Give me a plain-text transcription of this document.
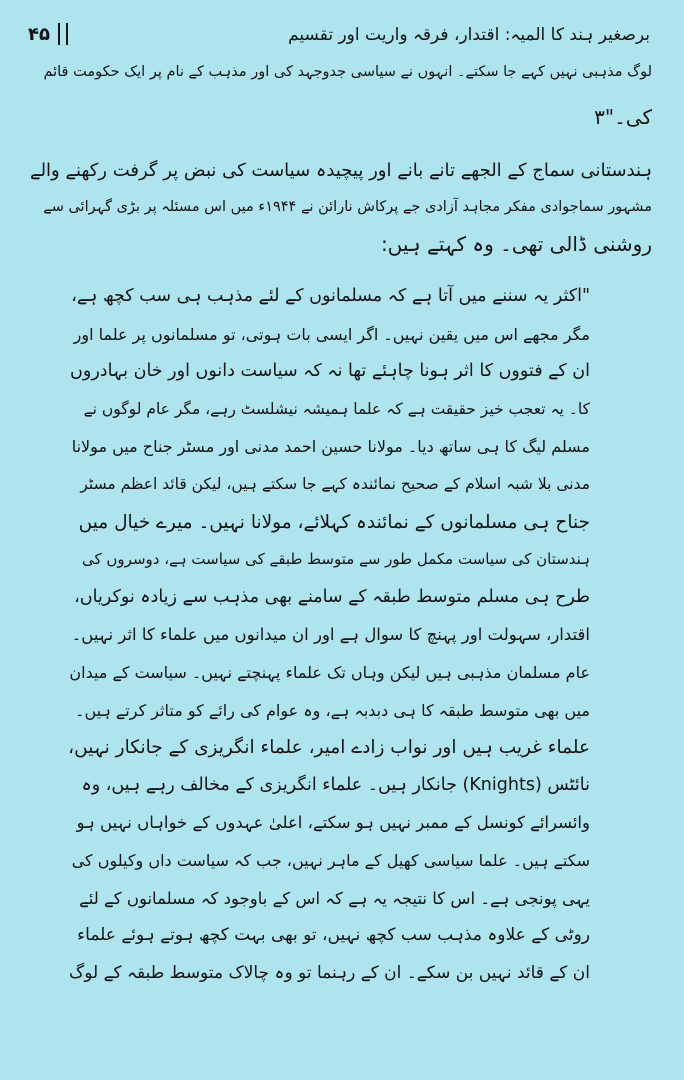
برصغیر ہند کا المیہ: اقتدار، فرقہ واریت اور تقسیم
۴۵
لوگ مذہبی نہیں کہے جا سکتے۔ انہوں نے سیاسی جدوجہد کی اور مذہب کے نام پر ایک حکومت قائم
کی۔"۳
ہندستانی سماج کے الجھے تانے بانے اور پیچیدہ سیاست کی نبض پر گرفت رکھنے والے
مشہور سماجوادی مفکر مجاہد آزادی جے پرکاش نارائن نے ۱۹۴۴ء میں اس مسئلہ پر بڑی گہرائی سے
روشنی ڈالی تھی۔ وہ کہتے ہیں:
"اکثر یہ سننے میں آتا ہے کہ مسلمانوں کے لئے مذہب ہی سب کچھ ہے،
مگر مجھے اس میں یقین نہیں۔ اگر ایسی بات ہوتی، تو مسلمانوں پر علما اور
ان کے فتووں کا اثر ہونا چاہئے تھا نہ کہ سیاست دانوں اور خان بہادروں
کا۔ یہ تعجب خیز حقیقت ہے کہ علما ہمیشہ نیشلسٹ رہے، مگر عام لوگوں نے
مسلم لیگ کا ہی ساتھ دیا۔ مولانا حسین احمد مدنی اور مسٹر جناح میں مولانا
مدنی بلا شبہ اسلام کے صحیح نمائندہ کہے جا سکتے ہیں، لیکن قائد اعظم مسٹر
جناح ہی مسلمانوں کے نمائندہ کہلائے، مولانا نہیں۔ میرے خیال میں
ہندستان کی سیاست مکمل طور سے متوسط طبقے کی سیاست ہے، دوسروں کی
طرح ہی مسلم متوسط طبقہ کے سامنے بھی مذہب سے زیادہ نوکریاں،
اقتدار، سہولت اور پہنچ کا سوال ہے اور ان میدانوں میں علماء کا اثر نہیں۔
عام مسلمان مذہبی ہیں لیکن وہاں تک علماء پہنچتے نہیں۔ سیاست کے میدان
میں بھی متوسط طبقہ کا ہی دبدبہ ہے، وہ عوام کی رائے کو متاثر کرتے ہیں۔
علماء غریب ہیں اور نواب زادے امیر، علماء انگریزی کے جانکار نہیں،
نائٹس (Knights) جانکار ہیں۔ علماء انگریزی کے مخالف رہے ہیں، وہ
وائسرائے کونسل کے ممبر نہیں ہو سکتے، اعلیٰ عہدوں کے خواہاں نہیں ہو
سکتے ہیں۔ علما سیاسی کھیل کے ماہر نہیں، جب کہ سیاست داں وکیلوں کی
یہی پونجی ہے۔ اس کا نتیجہ یہ ہے کہ اس کے باوجود کہ مسلمانوں کے لئے
روٹی کے علاوہ مذہب سب کچھ نہیں، تو بھی بہت کچھ ہوتے ہوئے علماء
ان کے قائد نہیں بن سکے۔ ان کے رہنما تو وہ چالاک متوسط طبقہ کے لوگ
